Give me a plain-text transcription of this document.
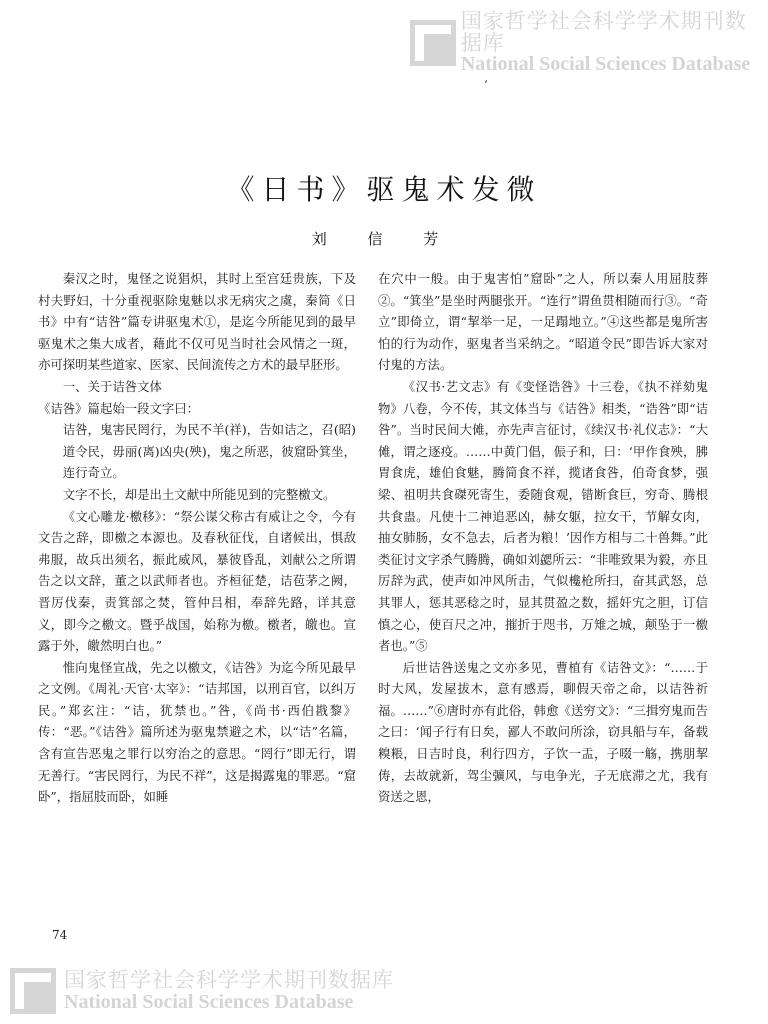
国家哲学社会科学学术期刊数据库
National Social Sciences Database
‘
《日书》驱鬼术发微
刘 信 芳

秦汉之时，鬼怪之说猖炽，其时上至宫廷贵族，下及村夫野妇，十分重视驱除鬼魅以求无病灾之虞，秦简《日书》中有“诘咎”篇专讲驱鬼术①，是迄今所能见到的最早驱鬼术之集大成者，藉此不仅可见当时社会风情之一斑，亦可探明某些道家、医家、民间流传之方术的最早胚形。

一、关于诘咎文体

《诘咎》篇起始一段文字曰：

诘咎，鬼害民罔行，为民不羊(祥)，告如诘之，召(昭)道令民，毋丽(离)凶央(殃)，鬼之所恶，彼窟卧箕坐，连行奇立。

文字不长，却是出土文献中所能见到的完整檄文。

《文心雕龙·檄移》：“祭公谋父称古有威让之令，今有文告之辞，即檄之本源也。及春秋征伐，自诸候出，惧敌弗服，故兵出须名，振此威风，暴彼昏乱，刘献公之所谓告之以文辞，董之以武师者也。齐桓征楚，诘苞茅之阙，晋厉伐秦，责箕部之焚，管仲吕相，奉辞先路，详其意义，即今之檄文。暨乎战国，始称为檄。檄者，皦也。宣露于外，皦然明白也。”

惟向鬼怪宣战，先之以檄文，《诘咎》为迄今所见最早之文例。《周礼·天官·太宰》：“诘邦国，以刑百官，以纠万民。”郑玄注：“诘，犹禁也。”咎，《尚书·西伯戡黎》传：“恶。”《诘咎》篇所述为驱鬼禁避之术，以“诘”名篇，含有宣告恶鬼之罪行以穷治之的意思。“罔行”即无行，谓无善行。“害民罔行，为民不祥”，这是揭露鬼的罪恶。“窟卧”，指屈肢而卧，如睡

在穴中一般。由于鬼害怕”窟卧”之人，所以秦人用屈肢葬②。“箕坐”是坐时两腿张开。“连行”谓鱼贯相随而行③。“奇立”即倚立，谓“挈举一足，一足蹋地立。”④这些都是鬼所害怕的行为动作，驱鬼者当采纳之。“昭道令民”即告诉大家对付鬼的方法。

《汉书·艺文志》有《变怪诰咎》十三卷，《执不祥劾鬼物》八卷，今不传，其文体当与《诘咎》相类，“诰咎”即“诘咎”。当时民间大傩，亦先声言征讨，《续汉书·礼仪志》：“大傩，谓之逐疫。……中黄门倡，侲子和，曰：‘甲作食殃，胇胃食虎，雄伯食魅，腾简食不祥，揽诸食咎，伯奇食梦，强梁、祖明共食磔死寄生，委随食观，错断食巨，穷奇、腾根共食蛊。凡使十二神追恶凶，赫女躯，拉女干，节解女肉，抽女肺肠，女不急去，后者为粮！’因作方相与二十兽舞。”此类征讨文字杀气腾腾，确如刘勰所云：“非唯致果为毅，亦且厉辞为武，使声如冲风所击，气似欃枪所扫，奋其武怒，总其罪人，惩其恶稔之时，显其贯盈之数，摇奸宄之胆，订信慎之心，使百尺之冲，摧折于咫书，万雉之城，颠坠于一檄者也。”⑤

后世诘咎送鬼之文亦多见，曹植有《诘咎文》：“……于时大风，发屋拔木，意有感焉，聊假天帝之命，以诘咎祈福。……”⑥唐时亦有此俗，韩愈《送穷文》：“三揖穷鬼而告之曰：‘闻子行有日矣，鄙人不敢问所涂，窃具船与车，备载糗粻，日吉时良，利行四方，子饮一盂，子啜一觞，携朋挈俦，去故就新，驾尘彍风，与电争光，子无底滞之尤，我有资送之恩，

74
国家哲学社会科学学术期刊数据库
National Social Sciences Database
